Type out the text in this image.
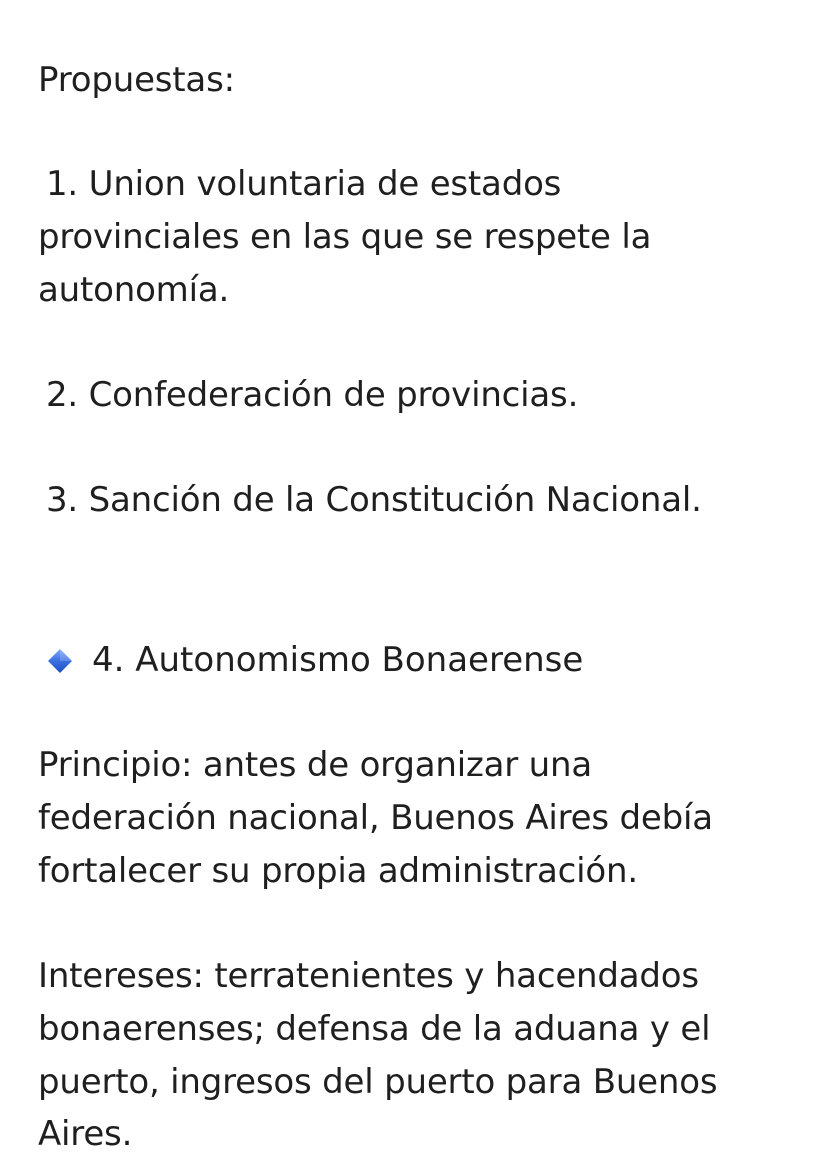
Propuestas:
1. Union voluntaria de estados
provinciales en las que se respete la
autonomía.
2. Confederación de provincias.
3. Sanción de la Constitución Nacional.
4. Autonomismo Bonaerense
Principio: antes de organizar una
federación nacional, Buenos Aires debía
fortalecer su propia administración.
Intereses: terratenientes y hacendados
bonaerenses; defensa de la aduana y el
puerto, ingresos del puerto para Buenos
Aires.
